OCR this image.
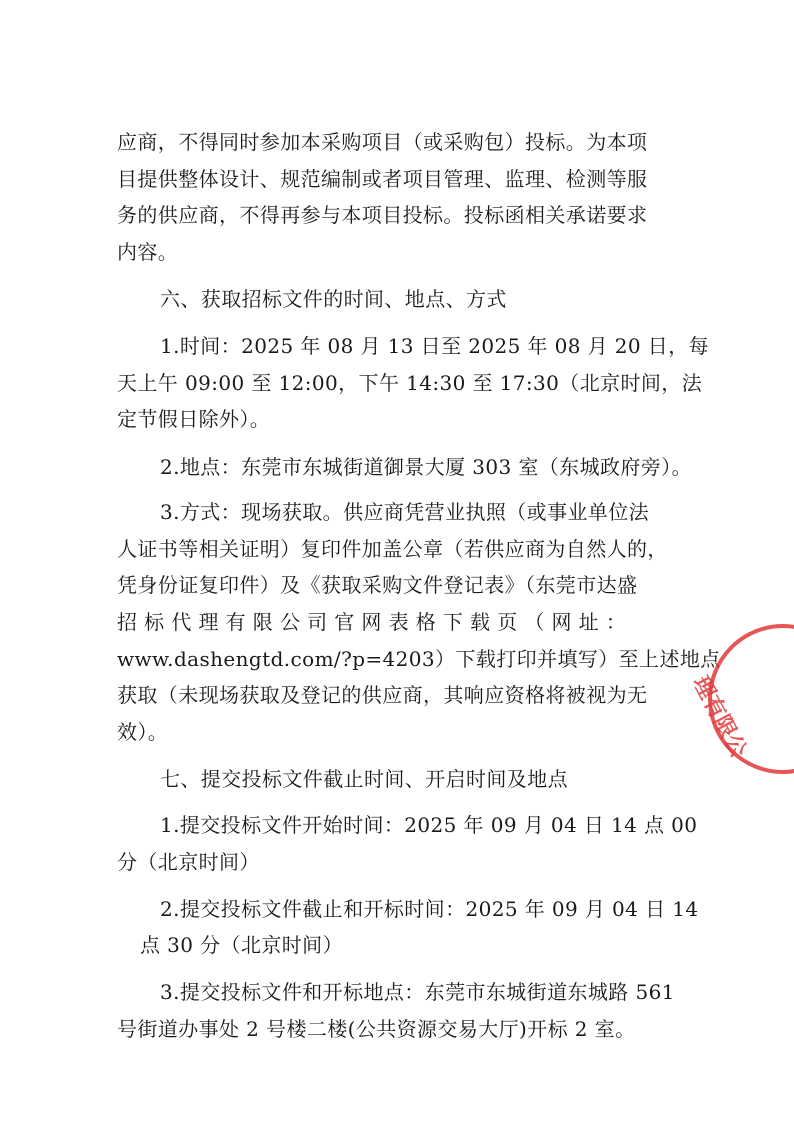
应商，不得同时参加本采购项目（或采购包）投标。为本项

目提供整体设计、规范编制或者项目管理、监理、检测等服

务的供应商，不得再参与本项目投标。投标函相关承诺要求

内容。

六、获取招标文件的时间、地点、方式

1.时间：2025 年 08 月 13 日至 2025 年 08 月 20 日，每

天上午 09:00 至 12:00，下午 14:30 至 17:30（北京时间，法

定节假日除外）。

2.地点：东莞市东城街道御景大厦 303 室（东城政府旁）。

3.方式：现场获取。供应商凭营业执照（或事业单位法

人证书等相关证明）复印件加盖公章（若供应商为自然人的，

凭身份证复印件）及《获取采购文件登记表》（东莞市达盛

招 标 代 理 有 限 公 司 官 网 表 格 下 载 页 （ 网 址 ：

www.dashengtd.com/?p=4203）下载打印并填写）至上述地点

获取（未现场获取及登记的供应商，其响应资格将被视为无

效）。

七、提交投标文件截止时间、开启时间及地点

1.提交投标文件开始时间：2025 年 09 月 04 日 14 点 00

分（北京时间）

2.提交投标文件截止和开标时间：2025 年 09 月 04 日 14

点 30 分（北京时间）

3.提交投标文件和开标地点：东莞市东城街道东城路 561

号街道办事处 2 号楼二楼(公共资源交易大厅)开标 2 室。

理有限公
